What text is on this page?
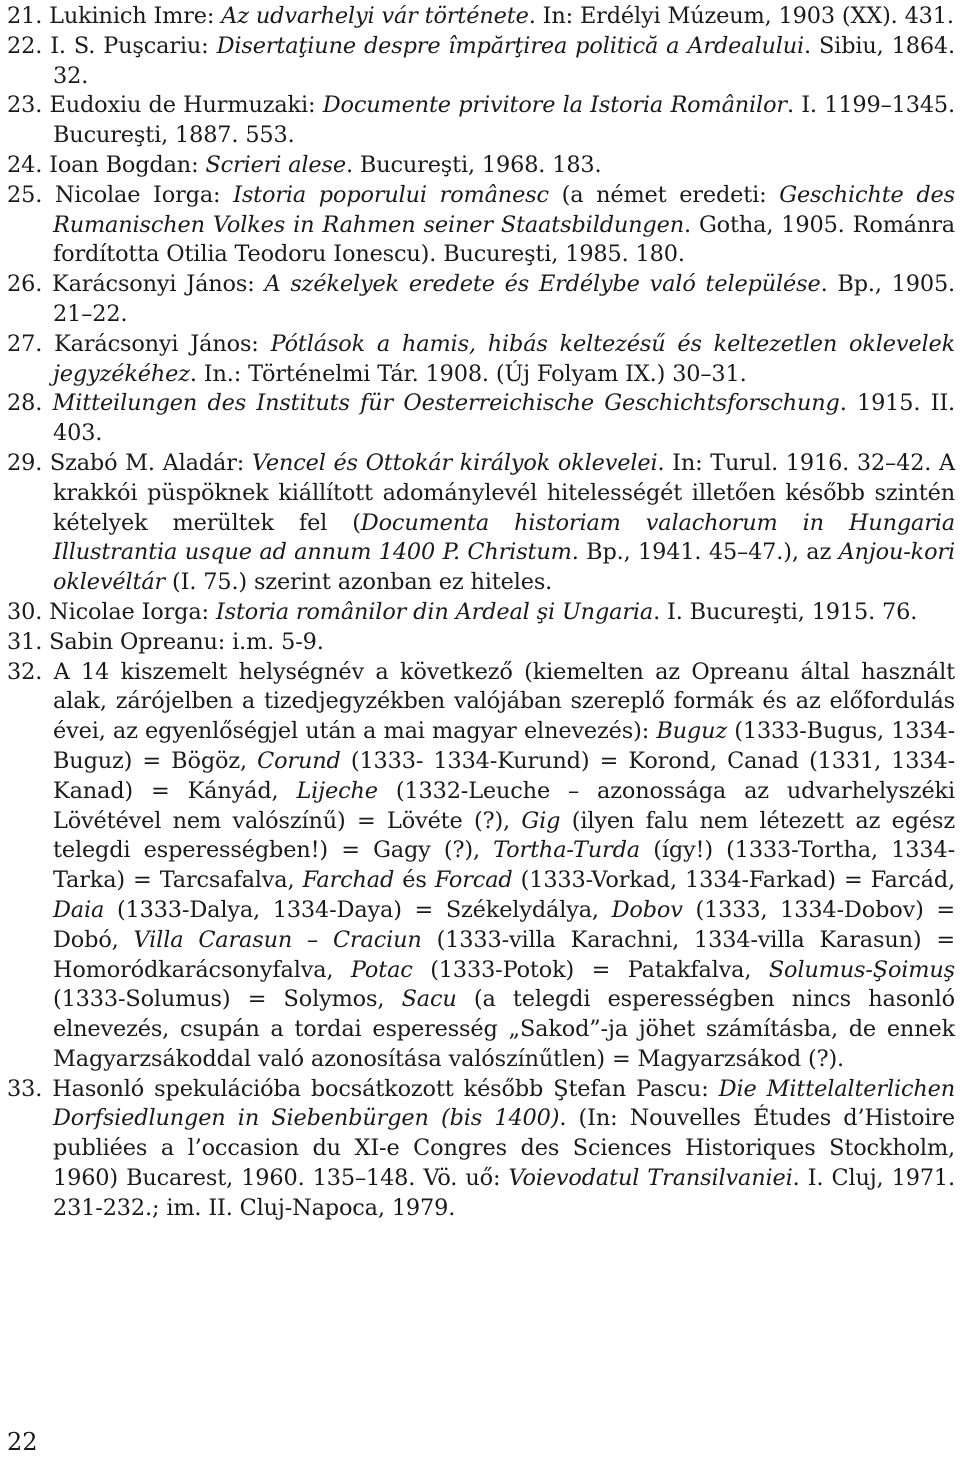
21. Lukinich Imre: Az udvarhelyi vár története. In: Erdélyi Múzeum, 1903 (XX). 431.
22. I. S. Puşcariu: Disertaţiune despre împărţirea politică a Ardealului. Sibiu, 1864. 32.
23. Eudoxiu de Hurmuzaki: Documente privitore la Istoria Românilor. I. 1199–1345. Bucureşti, 1887. 553.
24. Ioan Bogdan: Scrieri alese. Bucureşti, 1968. 183.
25. Nicolae Iorga: Istoria poporului românesc (a német eredeti: Geschichte des Rumanischen Volkes in Rahmen seiner Staatsbildungen. Gotha, 1905. Románra fordította Otilia Teodoru Ionescu). Bucureşti, 1985. 180.
26. Karácsonyi János: A székelyek eredete és Erdélybe való települése. Bp., 1905. 21–22.
27. Karácsonyi János: Pótlások a hamis, hibás keltezésű és keltezetlen oklevelek jegyzékéhez. In.: Történelmi Tár. 1908. (Új Folyam IX.) 30–31.
28. Mitteilungen des Instituts für Oesterreichische Geschichtsforschung. 1915. II. 403.
29. Szabó M. Aladár: Vencel és Ottokár királyok oklevelei. In: Turul. 1916. 32–42. A krakkói püspöknek kiállított adománylevél hitelességét illetően később szintén kételyek merültek fel (Documenta historiam valachorum in Hungaria Illustrantia usque ad annum 1400 P. Christum. Bp., 1941. 45–47.), az Anjou-kori oklevéltár (I. 75.) szerint azonban ez hiteles.
30. Nicolae Iorga: Istoria românilor din Ardeal şi Ungaria. I. Bucureşti, 1915. 76.
31. Sabin Opreanu: i.m. 5-9.
32. A 14 kiszemelt helységnév a következő (kiemelten az Opreanu által használt alak, zárójelben a tizedjegyzékben valójában szereplő formák és az előfordulás évei, az egyenlőségjel után a mai magyar elnevezés): Buguz (1333-Bugus, 1334-Buguz) = Bögöz, Corund (1333- 1334-Kurund) = Korond, Canad (1331, 1334-Kanad) = Kányád, Lijeche (1332-Leuche – azonossága az udvarhelyszéki Lövétével nem valószínű) = Lövéte (?), Gig (ilyen falu nem létezett az egész telegdi esperességben!) = Gagy (?), Tortha-Turda (így!) (1333-Tortha, 1334-Tarka) = Tarcsafalva, Farchad és Forcad (1333-Vorkad, 1334-Farkad) = Farcád, Daia (1333-Dalya, 1334-Daya) = Székelydálya, Dobov (1333, 1334-Dobov) = Dobó, Villa Carasun – Craciun (1333-villa Karachni, 1334-villa Karasun) = Homoródkarácsonyfalva, Potac (1333-Potok) = Patakfalva, Solumus-Şoimuş (1333-Solumus) = Solymos, Sacu (a telegdi esperességben nincs hasonló elnevezés, csupán a tordai esperesség „Sakod”-ja jöhet számításba, de ennek Magyarzsákoddal való azonosítása valószínűtlen) = Magyarzsákod (?).
33. Hasonló spekulációba bocsátkozott később Ştefan Pascu: Die Mittelalterlichen Dorfsiedlungen in Siebenbürgen (bis 1400). (In: Nouvelles Études d’Histoire publiées a l’occasion du XI-e Congres des Sciences Historiques Stockholm, 1960) Bucarest, 1960. 135–148. Vö. uő: Voievodatul Transilvaniei. I. Cluj, 1971. 231-232.; im. II. Cluj-Napoca, 1979.
22
